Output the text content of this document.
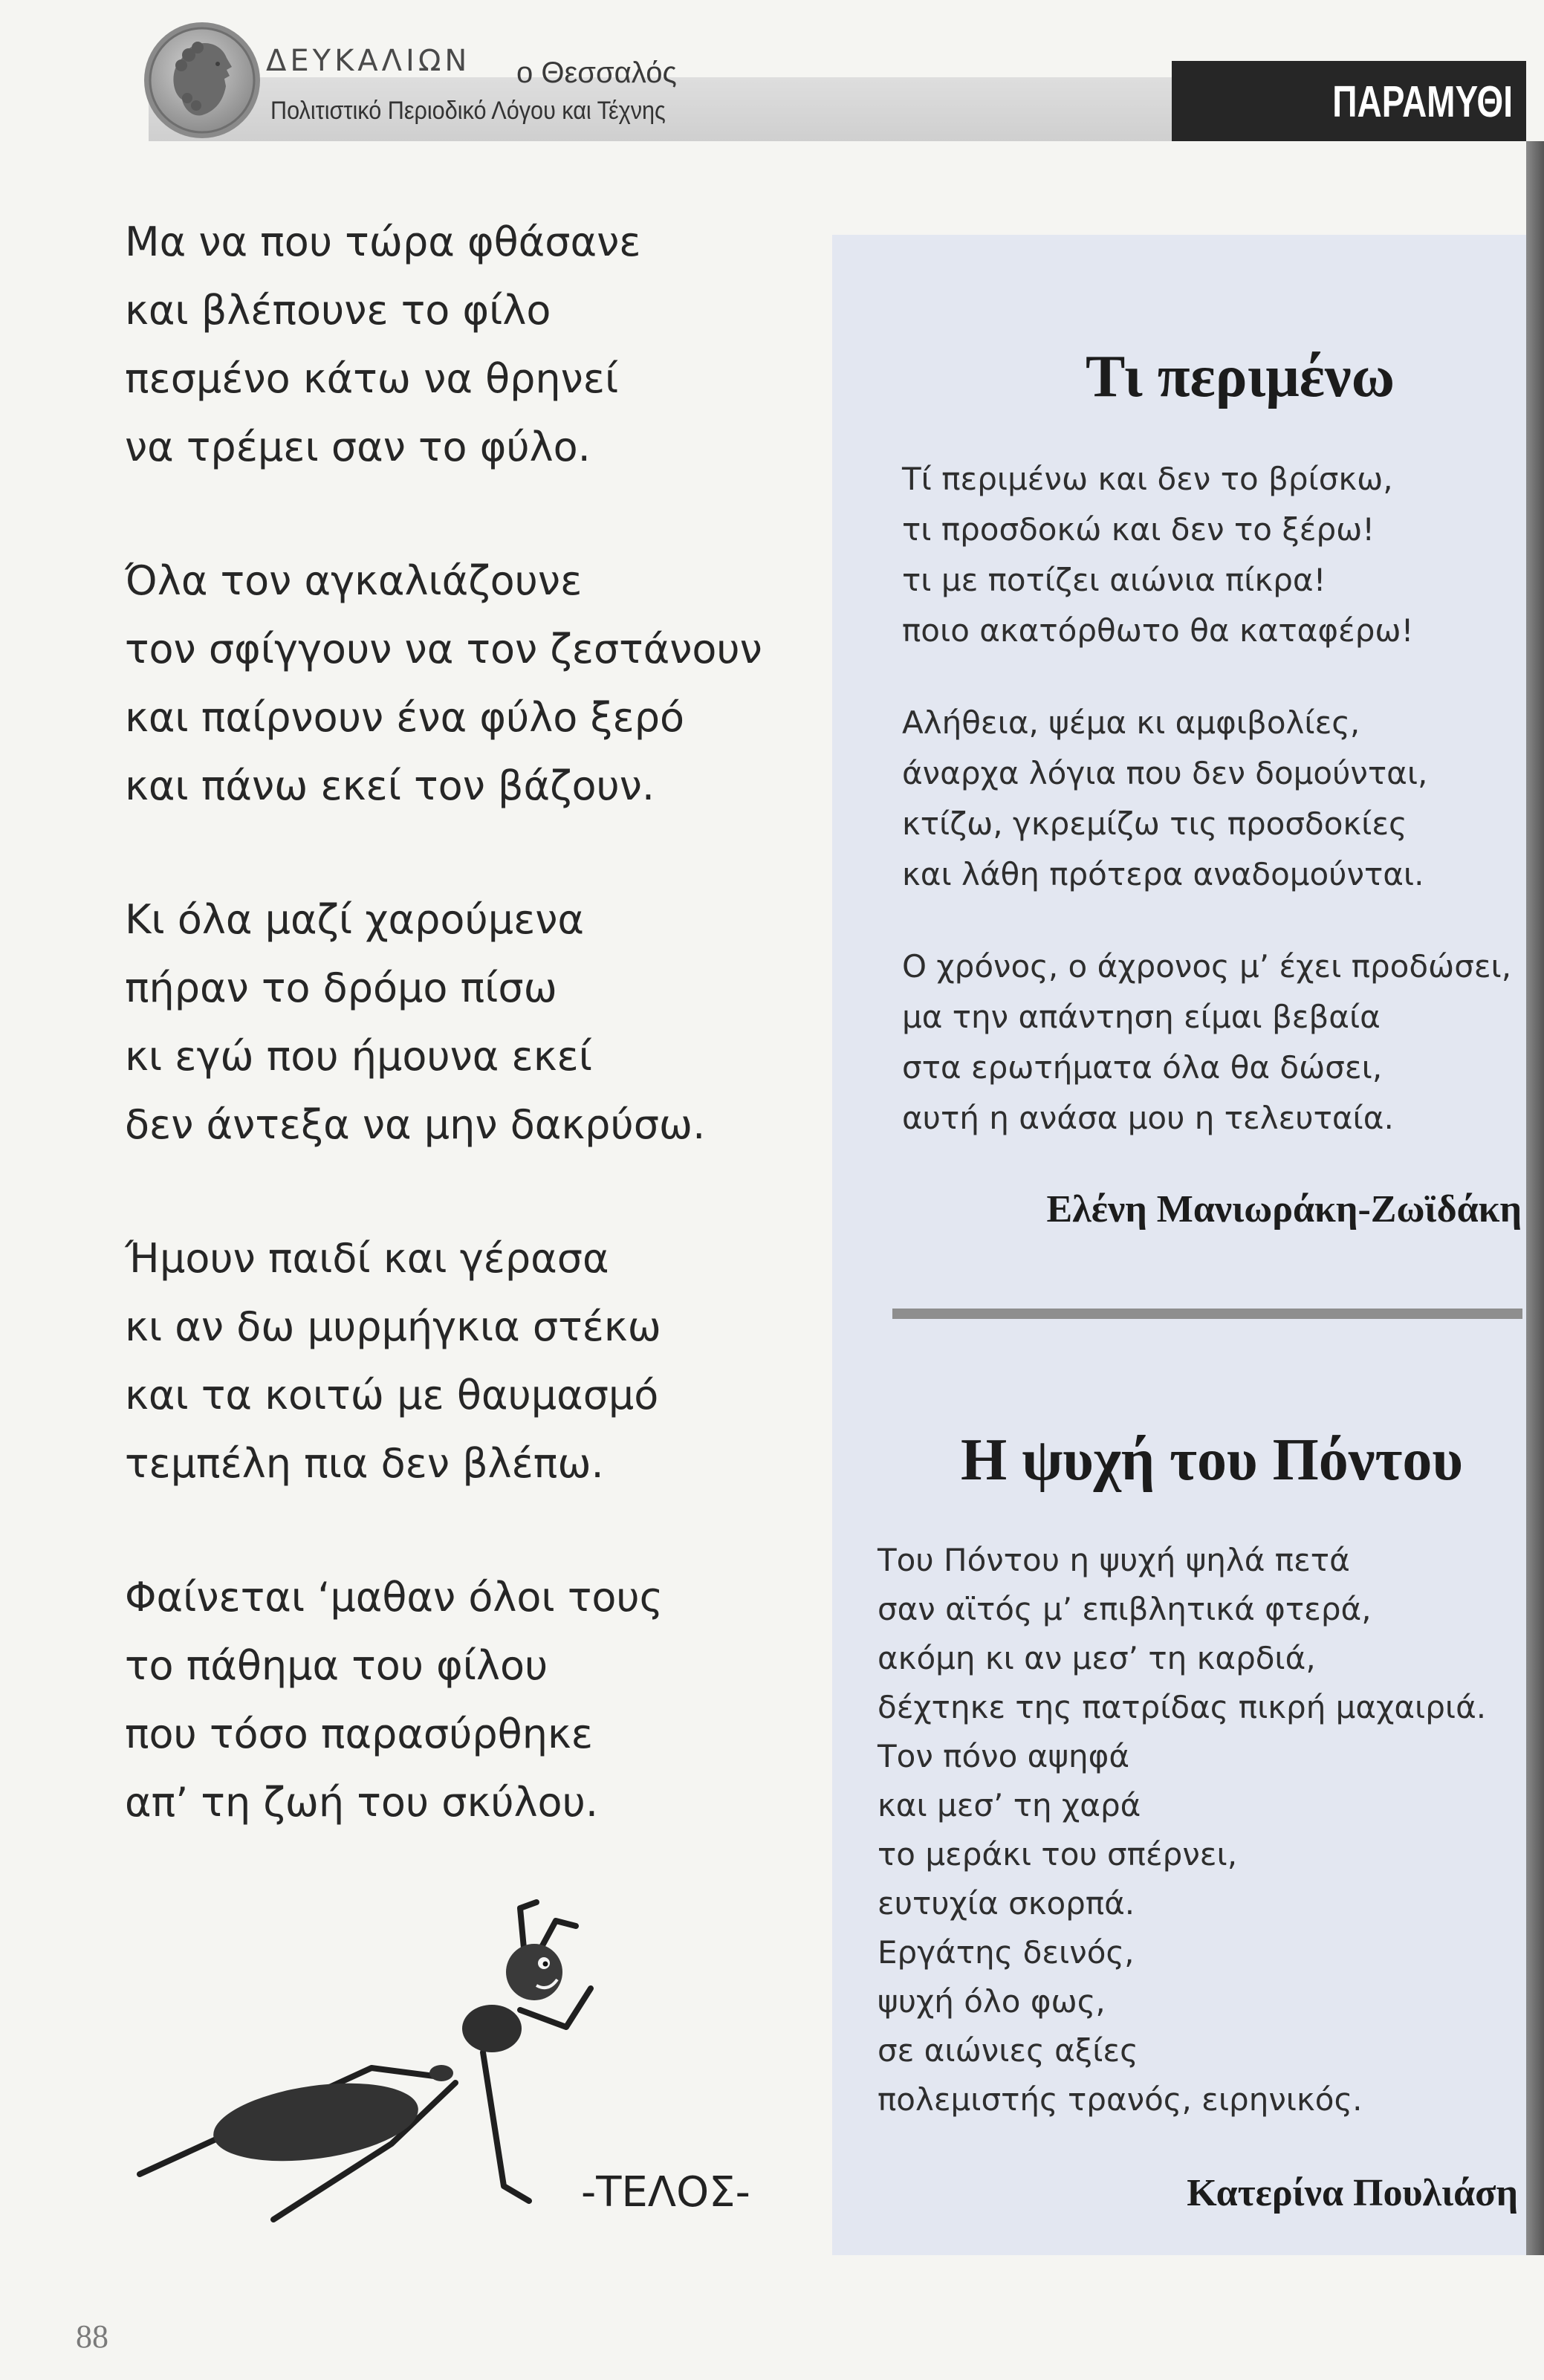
ΔΕΥΚΑΛΙΩΝ ο Θεσσαλός
Πολιτιστικό Περιοδικό Λόγου και Τέχνης	ΠΑΡΑΜΥΘΙ
Μα να που τώρα φθάσανε
και βλέπουνε το φίλο
πεσμένο κάτω να θρηνεί
να τρέμει σαν το φύλο.
Όλα τον αγκαλιάζουνε
τον σφίγγουν να τον ζεστάνουν
και παίρνουν ένα φύλο ξερό
και πάνω εκεί τον βάζουν.
Κι όλα μαζί χαρούμενα
πήραν το δρόμο πίσω
κι εγώ που ήμουνα εκεί
δεν άντεξα να μην δακρύσω.
Ήμουν παιδί και γέρασα
κι αν δω μυρμήγκια στέκω
και τα κοιτώ με θαυμασμό
τεμπέλη πια δεν βλέπω.
Φαίνεται ‘μαθαν όλοι τους
το πάθημα του φίλου
που τόσο παρασύρθηκε
απ’ τη ζωή του σκύλου.
-ΤΕΛΟΣ-
88
Τι περιμένω
Τί περιμένω και δεν το βρίσκω,
τι προσδοκώ και δεν το ξέρω!
τι με ποτίζει αιώνια πίκρα!
ποιο ακατόρθωτο θα καταφέρω!
Αλήθεια, ψέμα κι αμφιβολίες,
άναρχα λόγια που δεν δομούνται,
κτίζω, γκρεμίζω τις προσδοκίες
και λάθη πρότερα αναδομούνται.
Ο χρόνος, ο άχρονος μ’ έχει προδώσει,
μα την απάντηση είμαι βεβαία
στα ερωτήματα όλα θα δώσει,
αυτή η ανάσα μου η τελευταία.
Ελένη Μανιωράκη-Ζωϊδάκη
Η ψυχή του Πόντου
Του Πόντου η ψυχή ψηλά πετά
σαν αϊτός μ’ επιβλητικά φτερά,
ακόμη κι αν μεσ’ τη καρδιά,
δέχτηκε της πατρίδας πικρή μαχαιριά.
Τον πόνο αψηφά
και μεσ’ τη χαρά
το μεράκι του σπέρνει,
ευτυχία σκορπά.
Εργάτης δεινός,
ψυχή όλο φως,
σε αιώνιες αξίες
πολεμιστής τρανός, ειρηνικός.
Κατερίνα Πουλιάση
